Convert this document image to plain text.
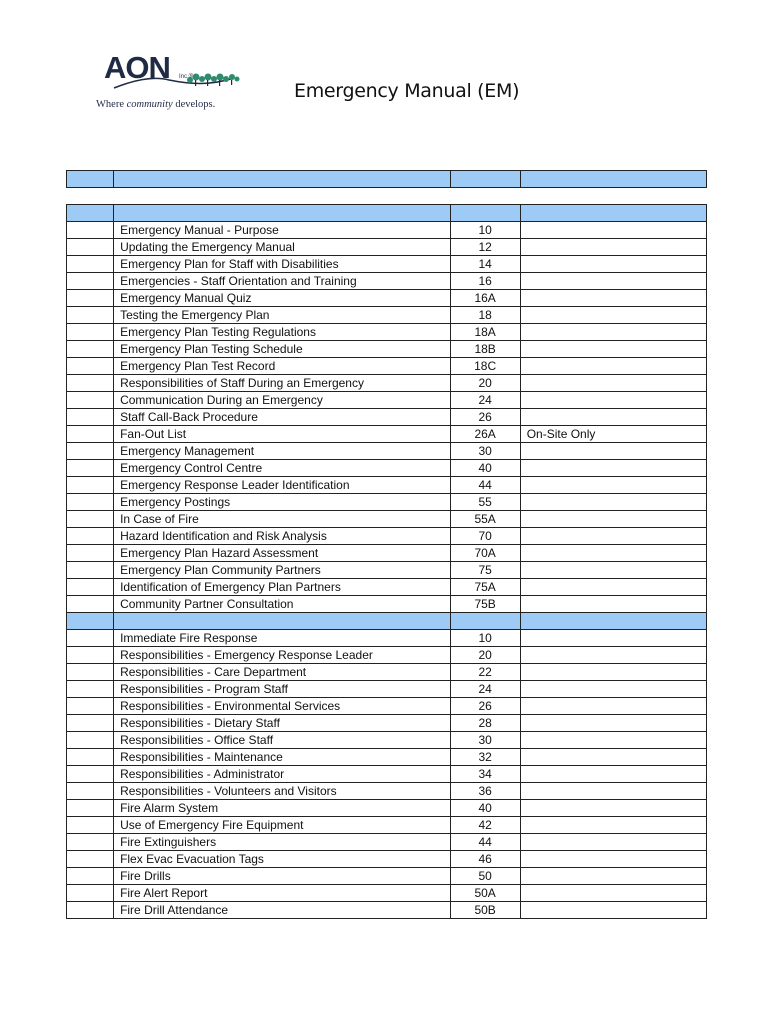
AON Inc.®
Where community develops.
Emergency Manual (EM)

	Emergency Manual - Purpose	10	
	Updating the Emergency Manual	12	
	Emergency Plan for Staff with Disabilities	14	
	Emergencies - Staff Orientation and Training	16	
	Emergency Manual Quiz	16A	
	Testing the Emergency Plan	18	
	Emergency Plan Testing Regulations	18A	
	Emergency Plan Testing Schedule	18B	
	Emergency Plan Test Record	18C	
	Responsibilities of Staff During an Emergency	20	
	Communication During an Emergency	24	
	Staff Call-Back Procedure	26	
	Fan-Out List	26A	On-Site Only
	Emergency Management	30	
	Emergency Control Centre	40	
	Emergency Response Leader Identification	44	
	Emergency Postings	55	
	In Case of Fire	55A	
	Hazard Identification and Risk Analysis	70	
	Emergency Plan Hazard Assessment	70A	
	Emergency Plan Community Partners	75	
	Identification of Emergency Plan Partners	75A	
	Community Partner Consultation	75B	

	Immediate Fire Response	10	
	Responsibilities - Emergency Response Leader	20	
	Responsibilities - Care Department	22	
	Responsibilities - Program Staff	24	
	Responsibilities - Environmental Services	26	
	Responsibilities - Dietary Staff	28	
	Responsibilities - Office Staff	30	
	Responsibilities - Maintenance	32	
	Responsibilities - Administrator	34	
	Responsibilities - Volunteers and Visitors	36	
	Fire Alarm System	40	
	Use of Emergency Fire Equipment	42	
	Fire Extinguishers	44	
	Flex Evac Evacuation Tags	46	
	Fire Drills	50	
	Fire Alert Report	50A	
	Fire Drill Attendance	50B	
